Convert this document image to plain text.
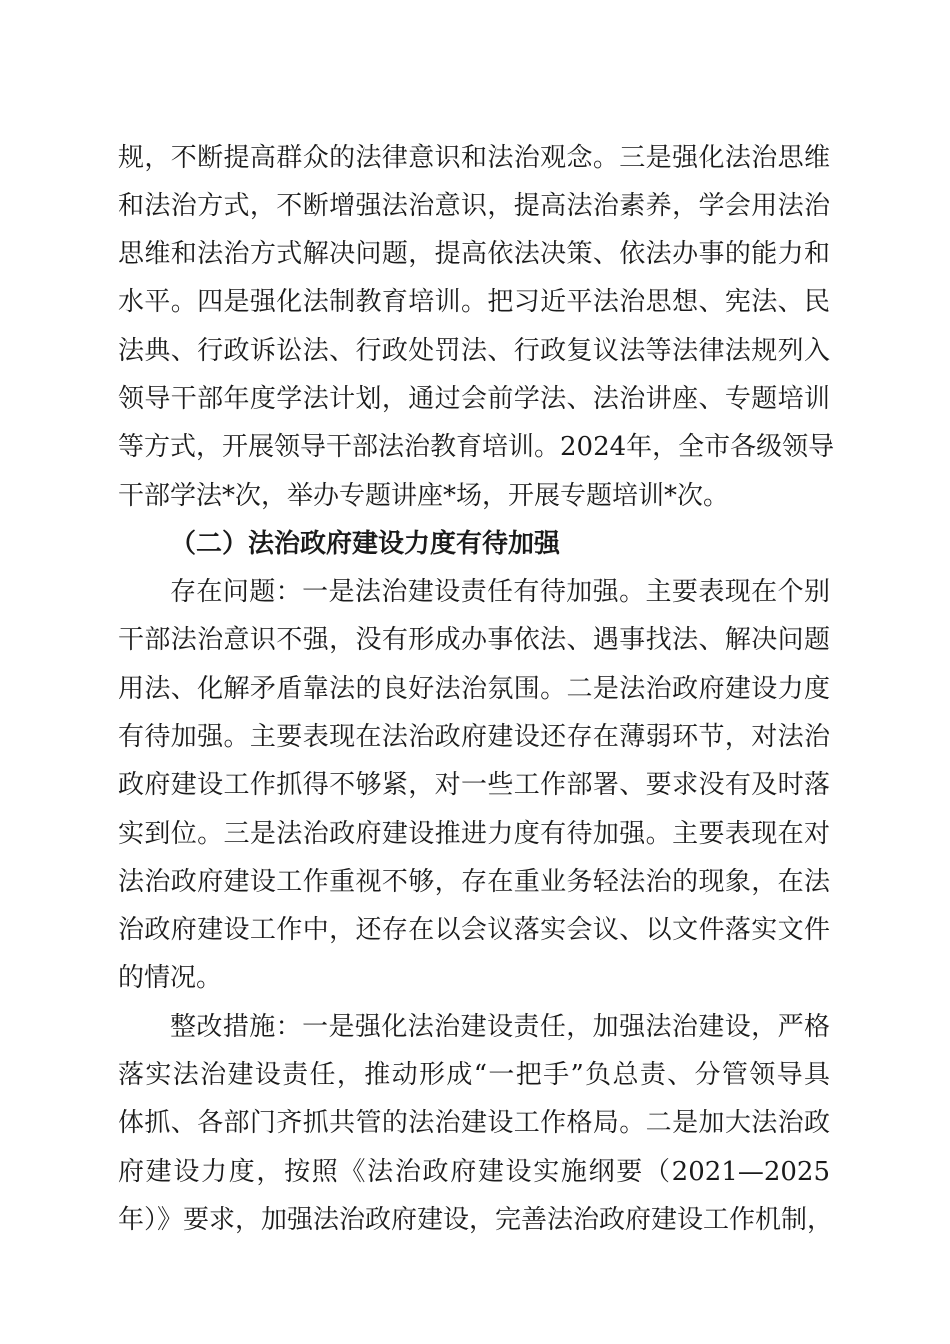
规，不断提高群众的法律意识和法治观念。三是强化法治思维
和法治方式，不断增强法治意识，提高法治素养，学会用法治
思维和法治方式解决问题，提高依法决策、依法办事的能力和
水平。四是强化法制教育培训。把习近平法治思想、宪法、民
法典、行政诉讼法、行政处罚法、行政复议法等法律法规列入
领导干部年度学法计划，通过会前学法、法治讲座、专题培训
等方式，开展领导干部法治教育培训。2024年，全市各级领导
干部学法*次，举办专题讲座*场，开展专题培训*次。
（二）法治政府建设力度有待加强
存在问题：一是法治建设责任有待加强。主要表现在个别
干部法治意识不强，没有形成办事依法、遇事找法、解决问题
用法、化解矛盾靠法的良好法治氛围。二是法治政府建设力度
有待加强。主要表现在法治政府建设还存在薄弱环节，对法治
政府建设工作抓得不够紧，对一些工作部署、要求没有及时落
实到位。三是法治政府建设推进力度有待加强。主要表现在对
法治政府建设工作重视不够，存在重业务轻法治的现象，在法
治政府建设工作中，还存在以会议落实会议、以文件落实文件
的情况。
整改措施：一是强化法治建设责任，加强法治建设，严格
落实法治建设责任，推动形成“一把手”负总责、分管领导具
体抓、各部门齐抓共管的法治建设工作格局。二是加大法治政
府建设力度，按照《法治政府建设实施纲要（2021—2025
年）》要求，加强法治政府建设，完善法治政府建设工作机制，
